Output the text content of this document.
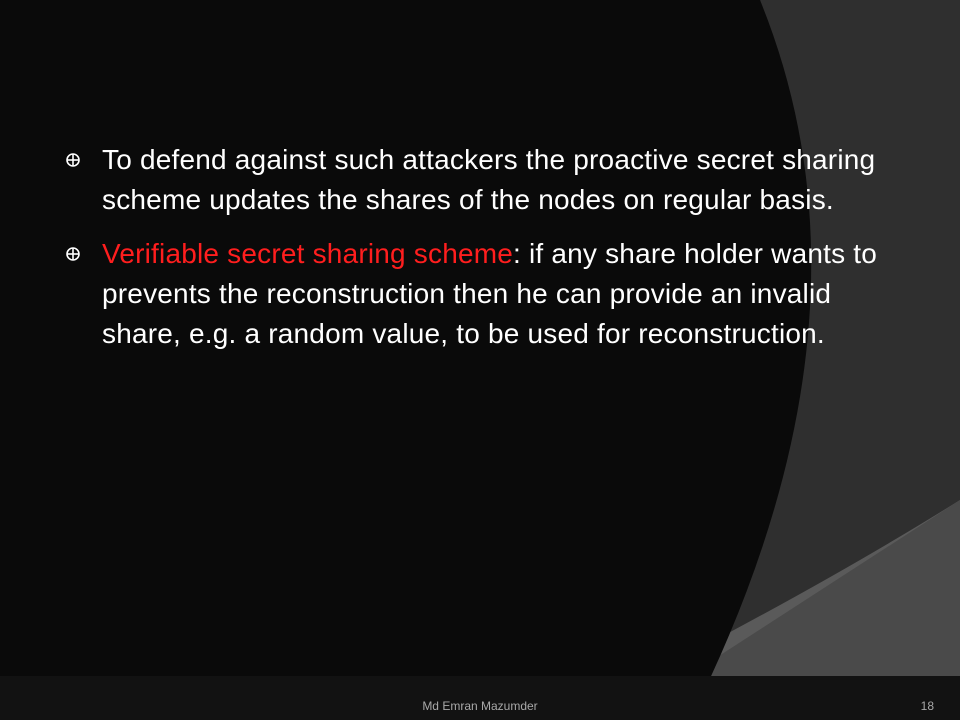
To defend against such attackers the proactive secret sharing scheme updates the shares of the nodes on regular basis.
Verifiable secret sharing scheme: if any share holder wants to prevents the reconstruction then he can provide an invalid share, e.g. a random value, to be used for reconstruction.
Md Emran Mazumder	18
